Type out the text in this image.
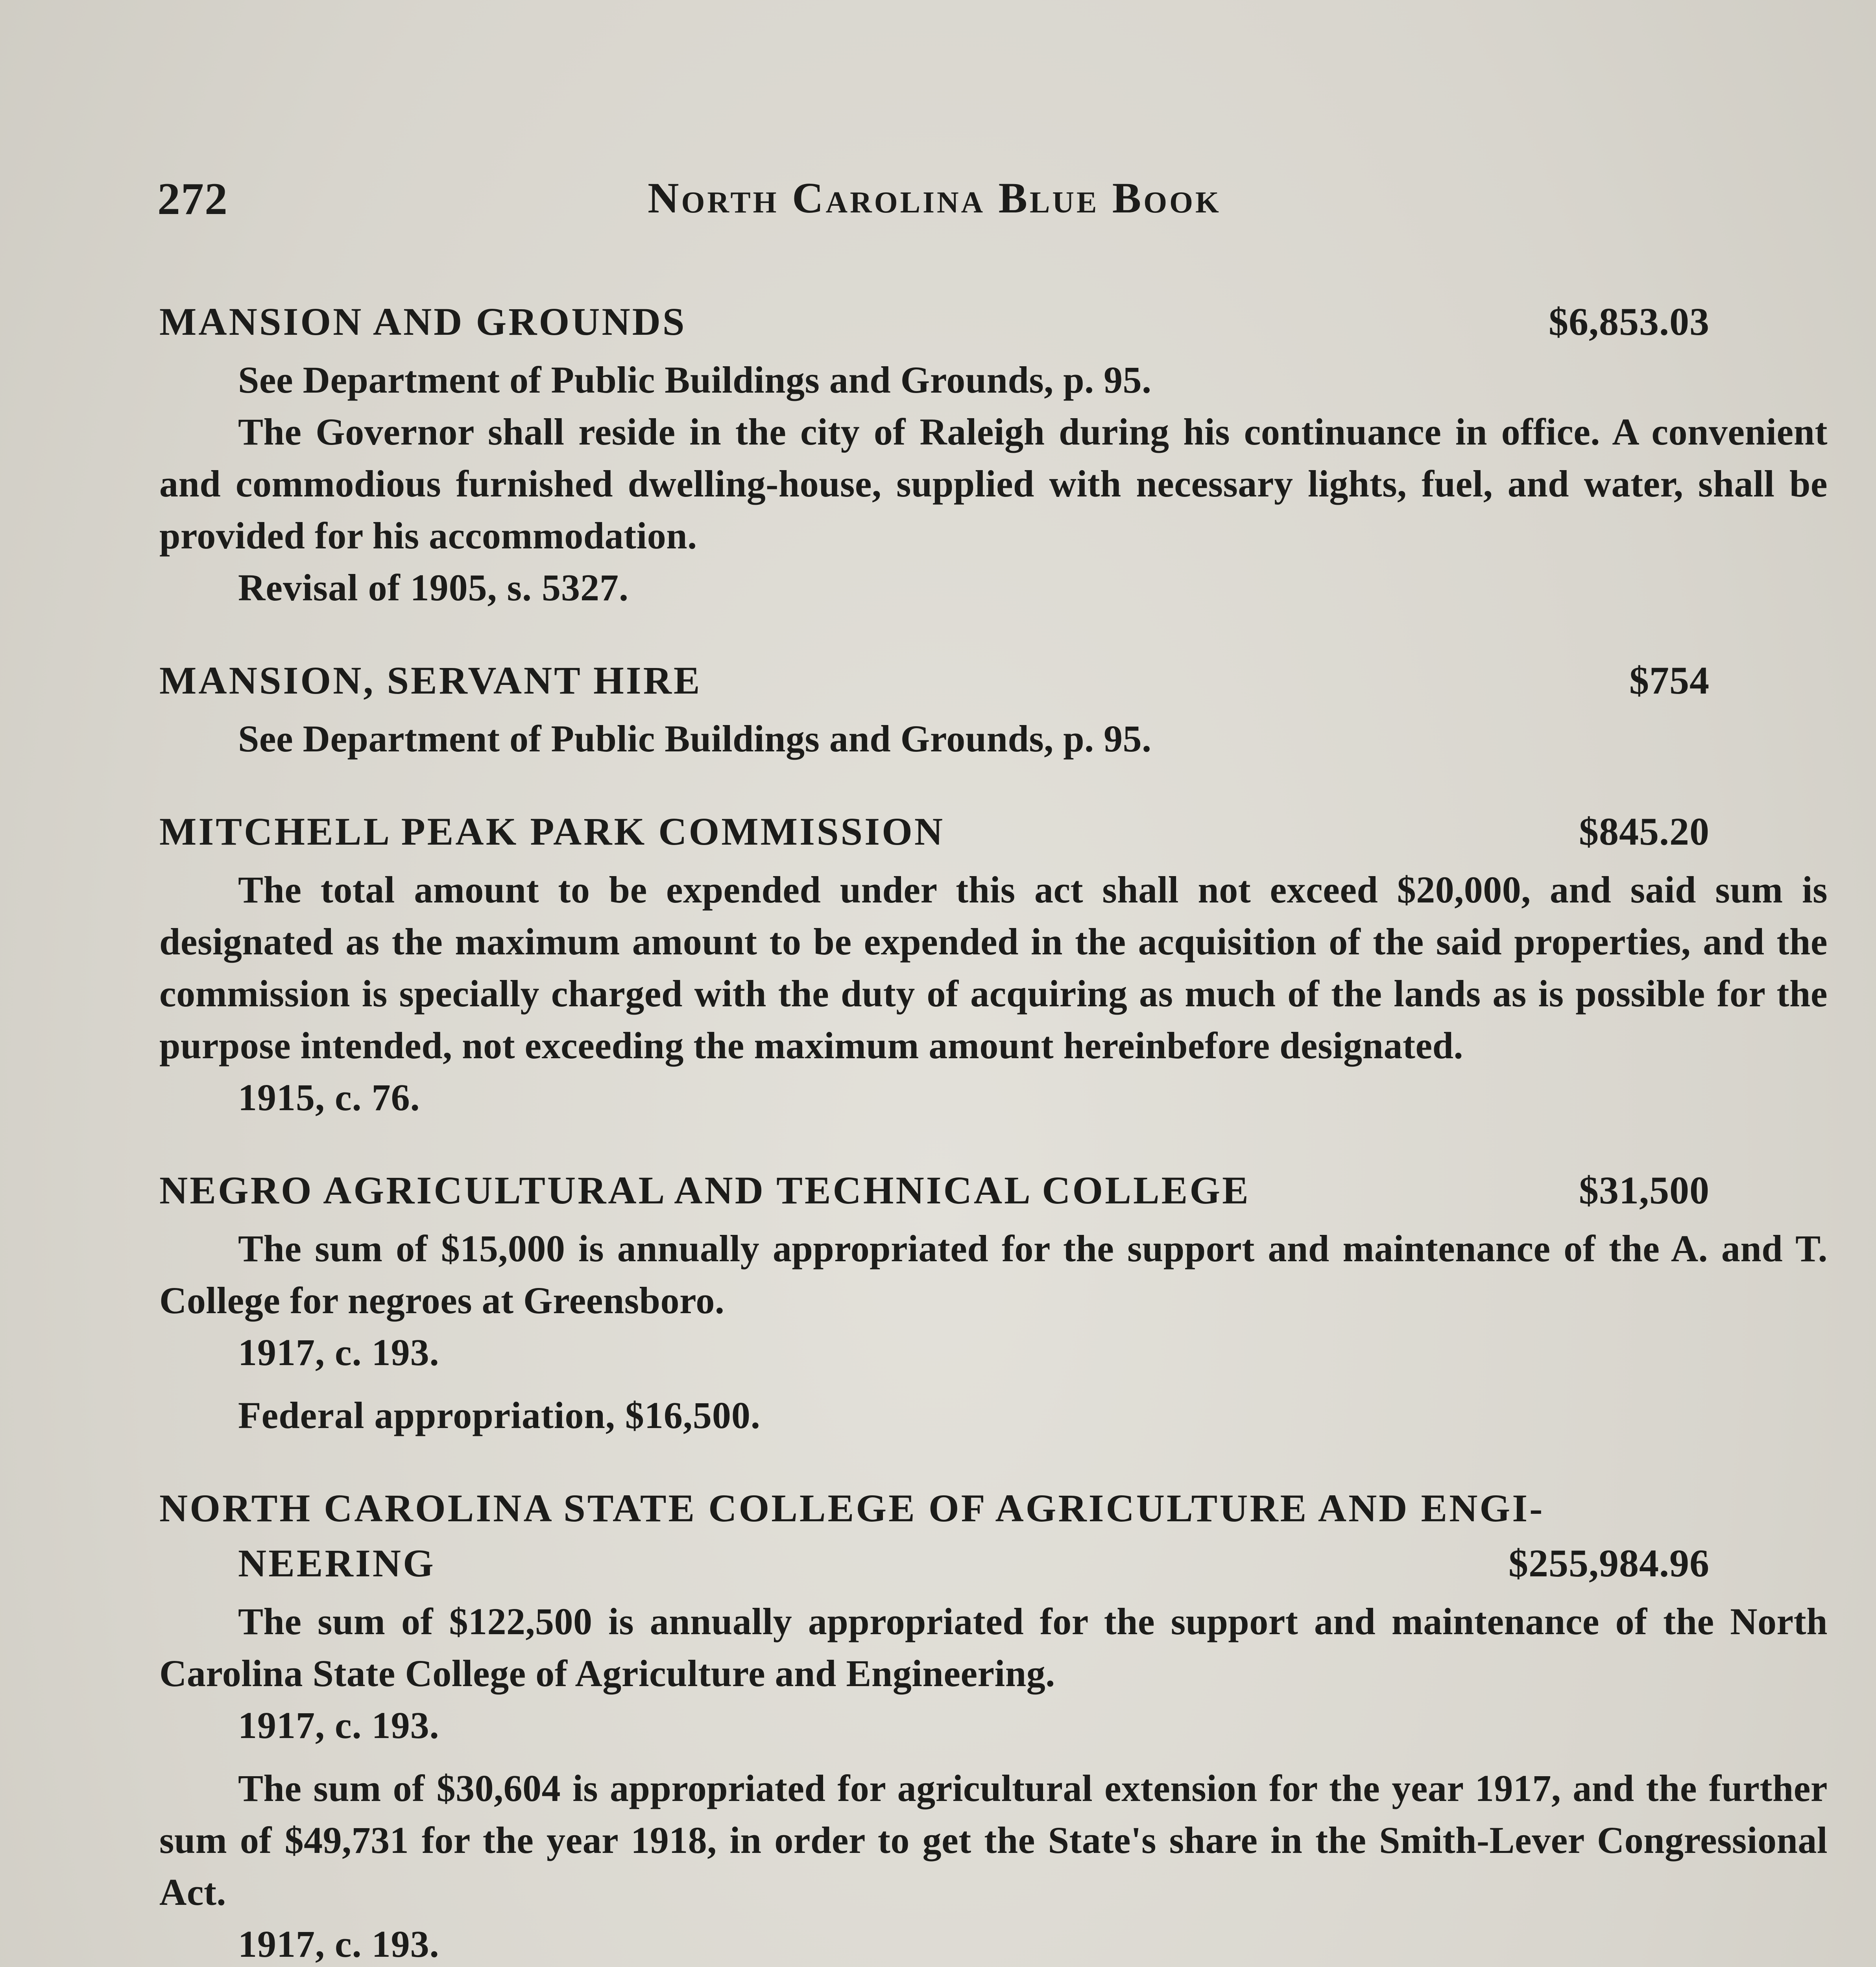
272	North Carolina Blue Book
MANSION AND GROUNDS	$6,853.03

See Department of Public Buildings and Grounds, p. 95.

The Governor shall reside in the city of Raleigh during his continuance in office. A convenient and commodious furnished dwelling-house, supplied with necessary lights, fuel, and water, shall be provided for his accommodation.

Revisal of 1905, s. 5327.
MANSION, SERVANT HIRE	$754

See Department of Public Buildings and Grounds, p. 95.

MITCHELL PEAK PARK COMMISSION	$845.20

The total amount to be expended under this act shall not exceed $20,000, and said sum is designated as the maximum amount to be expended in the acquisition of the said properties, and the commission is specially charged with the duty of acquiring as much of the lands as is possible for the purpose intended, not exceeding the maximum amount hereinbefore designated.

1915, c. 76.
NEGRO AGRICULTURAL AND TECHNICAL COLLEGE	$31,500

The sum of $15,000 is annually appropriated for the support and maintenance of the A. and T. College for negroes at Greensboro.

1917, c. 193.
Federal appropriation, $16,500.
NORTH CAROLINA STATE COLLEGE OF AGRICULTURE AND ENGI-
NEERING	$255,984.96

The sum of $122,500 is annually appropriated for the support and maintenance of the North Carolina State College of Agriculture and Engineering.

1917, c. 193.

The sum of $30,604 is appropriated for agricultural extension for the year 1917, and the further sum of $49,731 for the year 1918, in order to get the State's share in the Smith-Lever Congressional Act.

1917, c. 193.
